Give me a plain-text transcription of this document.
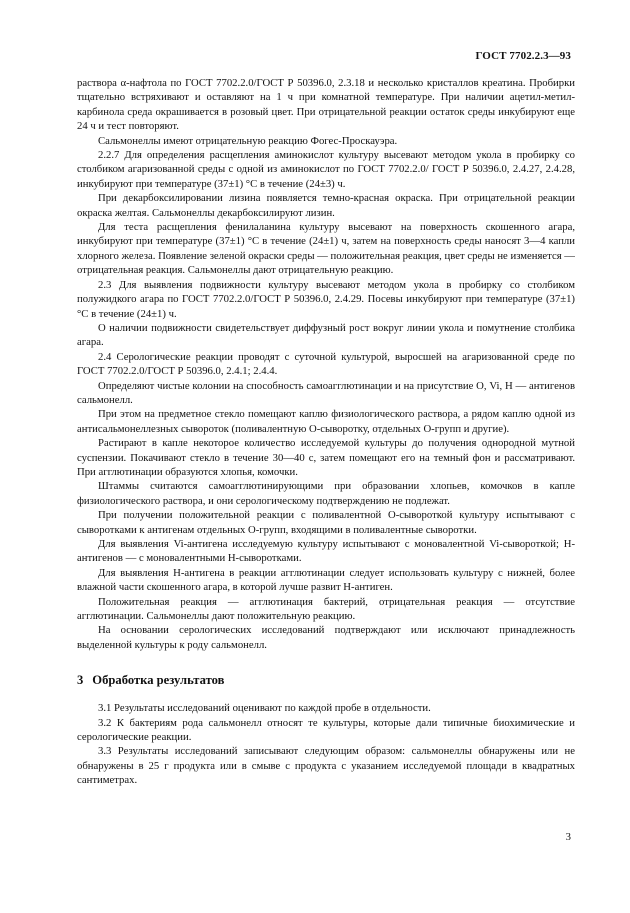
ГОСТ 7702.2.3—93

раствора α-нафтола по ГОСТ 7702.2.0/ГОСТ Р 50396.0, 2.3.18 и несколько кристаллов креатина. Пробирки тщательно встряхивают и оставляют на 1 ч при комнатной температуре. При наличии ацетил-метил-карбинола среда окрашивается в розовый цвет. При отрицательной реакции остаток среды инкубируют еще 24 ч и тест повторяют.

Сальмонеллы имеют отрицательную реакцию Фогес-Проскауэра.

2.2.7 Для определения расщепления аминокислот культуру высевают методом укола в пробирку со столбиком агаризованной среды с одной из аминокислот по ГОСТ 7702.2.0/ ГОСТ Р 50396.0, 2.4.27, 2.4.28, инкубируют при температуре (37±1) °С в течение (24±3) ч.

При декарбоксилировании лизина появляется темно-красная окраска. При отрицательной реакции окраска желтая. Сальмонеллы декарбоксилируют лизин.

Для теста расщепления фенилаланина культуру высевают на поверхность скошенного агара, инкубируют при температуре (37±1) °С в течение (24±1) ч, затем на поверхность среды наносят 3—4 капли хлорного железа. Появление зеленой окраски среды — положительная реакция, цвет среды не изменяется — отрицательная реакция. Сальмонеллы дают отрицательную реакцию.

2.3 Для выявления подвижности культуру высевают методом укола в пробирку со столбиком полужидкого агара по ГОСТ 7702.2.0/ГОСТ Р 50396.0, 2.4.29. Посевы инкубируют при температуре (37±1) °С в течение (24±1) ч.

О наличии подвижности свидетельствует диффузный рост вокруг линии укола и помутнение столбика агара.

2.4 Серологические реакции проводят с суточной культурой, выросшей на агаризованной среде по ГОСТ 7702.2.0/ГОСТ Р 50396.0, 2.4.1; 2.4.4.

Определяют чистые колонии на способность самоагглютинации и на присутствие О, Vi, Н — антигенов сальмонелл.

При этом на предметное стекло помещают каплю физиологического раствора, а рядом каплю одной из антисальмонеллезных сывороток (поливалентную О-сыворотку, отдельных О-групп и другие).

Растирают в капле некоторое количество исследуемой культуры до получения однородной мутной суспензии. Покачивают стекло в течение 30—40 с, затем помещают его на темный фон и рассматривают. При агглютинации образуются хлопья, комочки.

Штаммы считаются самоагглютинирующими при образовании хлопьев, комочков в капле физиологического раствора, и они серологическому подтверждению не подлежат.

При получении положительной реакции с поливалентной О-сывороткой культуру испытывают с сыворотками к антигенам отдельных О-групп, входящими в поливалентные сыворотки.

Для выявления Vi-антигена исследуемую культуру испытывают с моновалентной Vi-сывороткой; Н-антигенов — с моновалентными Н-сыворотками.

Для выявления Н-антигена в реакции агглютинации следует использовать культуру с нижней, более влажной части скошенного агара, в которой лучше развит Н-антиген.

Положительная реакция — агглютинация бактерий, отрицательная реакция — отсутствие агглютинации. Сальмонеллы дают положительную реакцию.

На основании серологических исследований подтверждают или исключают принадлежность выделенной культуры к роду сальмонелл.

3 Обработка результатов

3.1 Результаты исследований оценивают по каждой пробе в отдельности.

3.2 К бактериям рода сальмонелл относят те культуры, которые дали типичные биохимические и серологические реакции.

3.3 Результаты исследований записывают следующим образом: сальмонеллы обнаружены или не обнаружены в 25 г продукта или в смыве с продукта с указанием исследуемой площади в квадратных сантиметрах.

3
